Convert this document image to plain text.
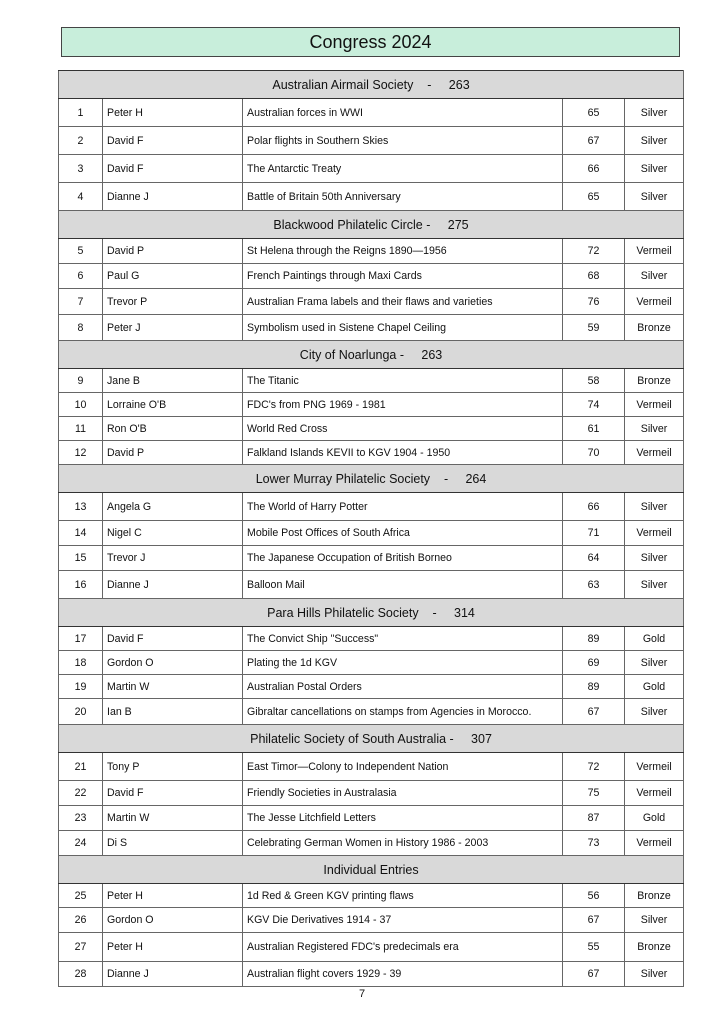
Congress 2024
Australian Airmail Society    -     263				
1	Peter H	Australian forces in WWI	65	Silver
2	David F	Polar flights in Southern Skies	67	Silver
3	David F	The Antarctic Treaty	66	Silver
4	Dianne J	Battle of Britain 50th Anniversary	65	Silver
Blackwood Philatelic Circle -     275				
5	David P	St Helena through the Reigns 1890—1956	72	Vermeil
6	Paul G	French Paintings through Maxi Cards	68	Silver
7	Trevor P	Australian Frama labels and their flaws and varieties	76	Vermeil
8	Peter J	Symbolism used in Sistene Chapel Ceiling	59	Bronze
City of Noarlunga -     263				
9	Jane B	The Titanic	58	Bronze
10	Lorraine O'B	FDC's from PNG 1969 - 1981	74	Vermeil
11	Ron O'B	World Red Cross	61	Silver
12	David P	Falkland Islands KEVII to KGV 1904 - 1950	70	Vermeil
Lower Murray Philatelic Society    -     264				
13	Angela G	The World of Harry Potter	66	Silver
14	Nigel C	Mobile Post Offices of South Africa	71	Vermeil
15	Trevor J	The Japanese Occupation of British Borneo	64	Silver
16	Dianne J	Balloon Mail	63	Silver
Para Hills Philatelic Society    -     314				
17	David F	The Convict Ship "Success"	89	Gold
18	Gordon O	Plating the 1d KGV	69	Silver
19	Martin W	Australian Postal Orders	89	Gold
20	Ian B	Gibraltar cancellations on stamps from Agencies in Morocco.	67	Silver
Philatelic Society of South Australia -     307				
21	Tony P	East Timor—Colony to Independent Nation	72	Vermeil
22	David F	Friendly Societies in Australasia	75	Vermeil
23	Martin W	The Jesse Litchfield Letters	87	Gold
24	Di S	Celebrating German Women in History 1986 - 2003	73	Vermeil
Individual Entries				
25	Peter H	1d Red & Green KGV printing flaws	56	Bronze
26	Gordon O	KGV Die Derivatives 1914 - 37	67	Silver
27	Peter H	Australian Registered FDC's predecimals era	55	Bronze
28	Dianne J	Australian flight covers 1929 - 39	67	Silver
7
